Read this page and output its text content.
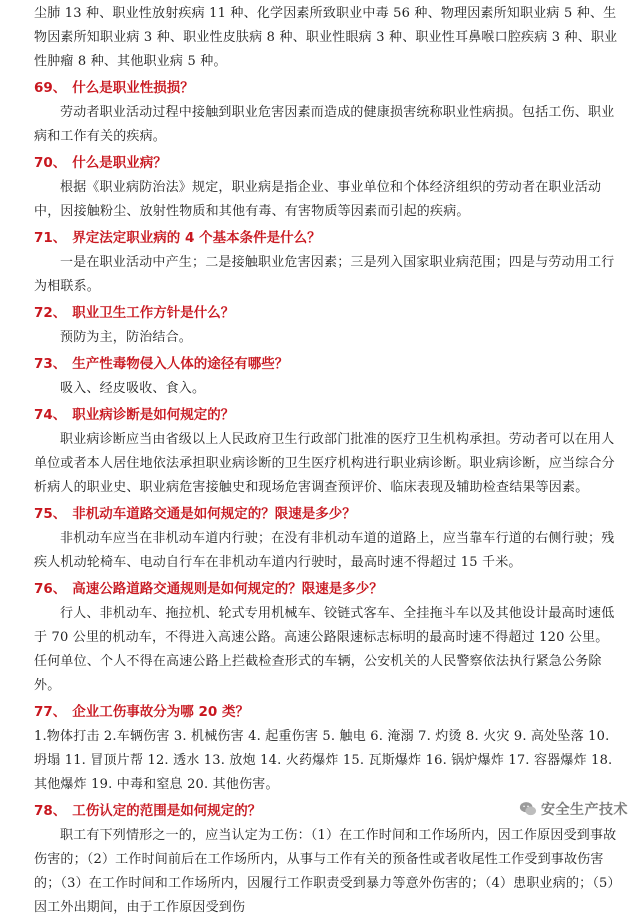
尘肺 13 种、职业性放射疾病 11 种、化学因素所致职业中毒 56 种、物理因素所知职业病 5 种、生物因素所知职业病 3 种、职业性皮肤病 8 种、职业性眼病 3 种、职业性耳鼻喉口腔疾病 3 种、职业性肿瘤 8 种、其他职业病 5 种。

69、 什么是职业性损损？

劳动者职业活动过程中接触到职业危害因素而造成的健康损害统称职业性病损。包括工伤、职业病和工作有关的疾病。

70、 什么是职业病？

根据《职业病防治法》规定，职业病是指企业、事业单位和个体经济组织的劳动者在职业活动中，因接触粉尘、放射性物质和其他有毒、有害物质等因素而引起的疾病。

71、 界定法定职业病的 4 个基本条件是什么？

一是在职业活动中产生；二是接触职业危害因素；三是列入国家职业病范围；四是与劳动用工行为相联系。

72、 职业卫生工作方针是什么？

预防为主，防治结合。

73、 生产性毒物侵入人体的途径有哪些？

吸入、经皮吸收、食入。

74、 职业病诊断是如何规定的？

职业病诊断应当由省级以上人民政府卫生行政部门批准的医疗卫生机构承担。劳动者可以在用人单位或者本人居住地依法承担职业病诊断的卫生医疗机构进行职业病诊断。职业病诊断，应当综合分析病人的职业史、职业病危害接触史和现场危害调查预评价、临床表现及辅助检查结果等因素。

75、 非机动车道路交通是如何规定的？限速是多少？

非机动车应当在非机动车道内行驶；在没有非机动车道的道路上，应当靠车行道的右侧行驶；残疾人机动轮椅车、电动自行车在非机动车道内行驶时，最高时速不得超过 15 千米。

76、 高速公路道路交通规则是如何规定的？限速是多少？

行人、非机动车、拖拉机、轮式专用机械车、铰链式客车、全挂拖斗车以及其他设计最高时速低于 70 公里的机动车，不得进入高速公路。高速公路限速标志标明的最高时速不得超过 120 公里。任何单位、个人不得在高速公路上拦截检查形式的车辆，公安机关的人民警察依法执行紧急公务除外。

77、 企业工伤事故分为哪 20 类？

1.物体打击 2.车辆伤害 3. 机械伤害 4. 起重伤害 5. 触电 6. 淹溺 7. 灼烫 8. 火灾 9. 高处坠落 10. 坍塌 11. 冒顶片帮 12. 透水 13. 放炮 14. 火药爆炸 15. 瓦斯爆炸 16. 锅炉爆炸 17. 容器爆炸 18. 其他爆炸 19. 中毒和窒息 20. 其他伤害。

78、 工伤认定的范围是如何规定的？

职工有下列情形之一的，应当认定为工伤：（1）在工作时间和工作场所内，因工作原因受到事故伤害的；（2）工作时间前后在工作场所内，从事与工作有关的预备性或者收尾性工作受到事故伤害的；（3）在工作时间和工作场所内，因履行工作职责受到暴力等意外伤害的；（4）患职业病的；（5）因工外出期间，由于工作原因受到伤

安全生产技术
